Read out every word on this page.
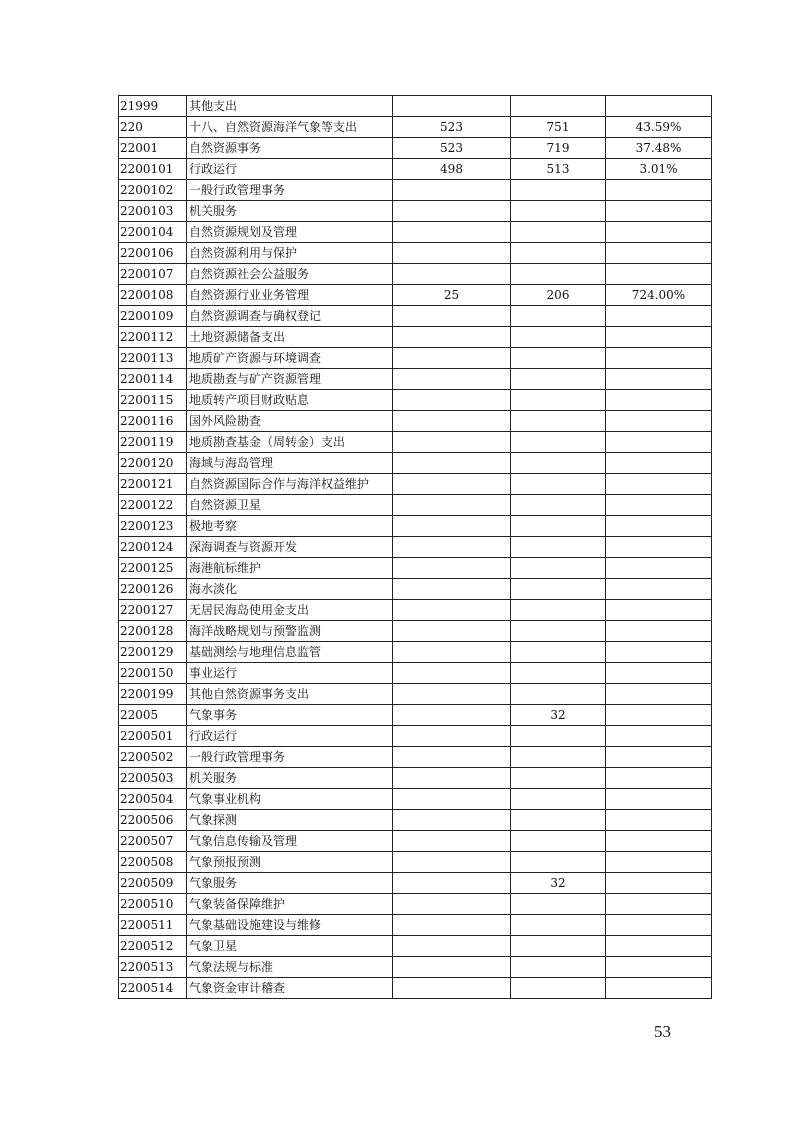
21999	其他支出			
220	十八、自然资源海洋气象等支出	523	751	43.59%
22001	自然资源事务	523	719	37.48%
2200101	行政运行	498	513	3.01%
2200102	一般行政管理事务			
2200103	机关服务			
2200104	自然资源规划及管理			
2200106	自然资源利用与保护			
2200107	自然资源社会公益服务			
2200108	自然资源行业业务管理	25	206	724.00%
2200109	自然资源调查与确权登记			
2200112	土地资源储备支出			
2200113	地质矿产资源与环境调查			
2200114	地质勘查与矿产资源管理			
2200115	地质转产项目财政贴息			
2200116	国外风险勘查			
2200119	地质勘查基金（周转金）支出			
2200120	海域与海岛管理			
2200121	自然资源国际合作与海洋权益维护			
2200122	自然资源卫星			
2200123	极地考察			
2200124	深海调查与资源开发			
2200125	海港航标维护			
2200126	海水淡化			
2200127	无居民海岛使用金支出			
2200128	海洋战略规划与预警监测			
2200129	基础测绘与地理信息监管			
2200150	事业运行			
2200199	其他自然资源事务支出			
22005	气象事务		32	
2200501	行政运行			
2200502	一般行政管理事务			
2200503	机关服务			
2200504	气象事业机构			
2200506	气象探测			
2200507	气象信息传输及管理			
2200508	气象预报预测			
2200509	气象服务		32	
2200510	气象装备保障维护			
2200511	气象基础设施建设与维修			
2200512	气象卫星			
2200513	气象法规与标准			
2200514	气象资金审计稽查			
53
